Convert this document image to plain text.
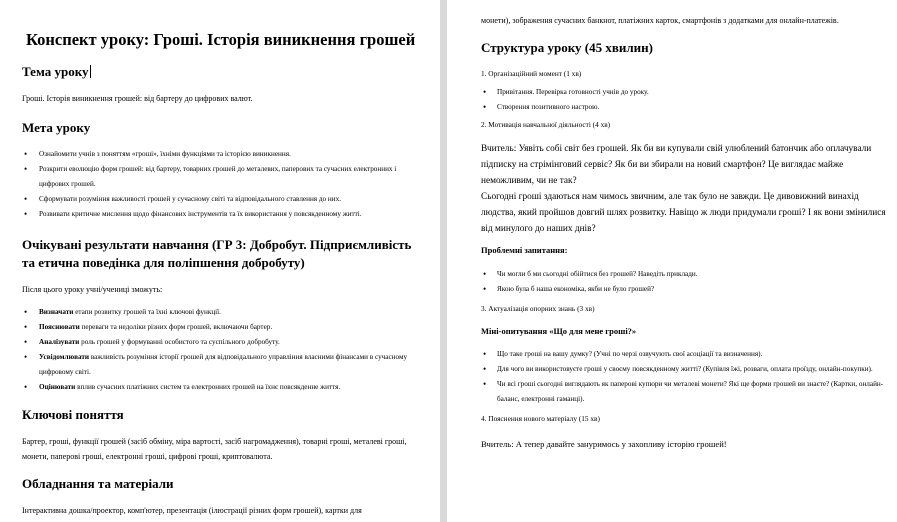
Конспект уроку: Гроші. Історія виникнення грошей
Тема уроку

Гроші. Історія виникнення грошей: від бартеру до цифрових валют.

Мета уроку
• Ознайомити учнів з поняттям «гроші», їхніми функціями та історією виникнення.
• Розкрити еволюцію форм грошей: від бартеру, товарних грошей до металевих, паперових та сучасних електронних і цифрових грошей.
• Сформувати розуміння важливості грошей у сучасному світі та відповідального ставлення до них.
• Розвивати критичне мислення щодо фінансових інструментів та їх використання у повсякденному житті.
Очікувані результати навчання (ГР 3: Добробут. Підприємливість та етична поведінка для поліпшення добробуту)

Після цього уроку учні/учениці зможуть:

• Визначати етапи розвитку грошей та їхні ключові функції.
• Пояснювати переваги та недоліки різних форм грошей, включаючи бартер.
• Аналізувати роль грошей у формуванні особистого та суспільного добробуту.
• Усвідомлювати важливість розуміння історії грошей для відповідального управління власними фінансами в сучасному цифровому світі.
• Оцінювати вплив сучасних платіжних систем та електронних грошей на їхнє повсякденне життя.
Ключові поняття

Бартер, гроші, функції грошей (засіб обміну, міра вартості, засіб нагромадження), товарні гроші, металеві гроші, монети, паперові гроші, електронні гроші, цифрові гроші, криптовалюта.

Обладнання та матеріали

Інтерактивна дошка/проектор, комп'ютер, презентація (ілюстрації різних форм грошей), картки для

монети), зображення сучасних банкнот, платіжних карток, смартфонів з додатками для онлайн-платежів.

Структура уроку (45 хвилин)

1. Організаційний момент (1 хв)

• Привітання. Перевірка готовності учнів до уроку.
• Створення позитивного настрою.

2. Мотивація навчальної діяльності (4 хв)

Вчитель: Уявіть собі світ без грошей. Як би ви купували свій улюблений батончик або оплачували підписку на стрімінговий сервіс? Як би ви збирали на новий смартфон? Це виглядає майже неможливим, чи не так?

Сьогодні гроші здаються нам чимось звичним, але так було не завжди. Це дивовижний винахід людства, який пройшов довгий шлях розвитку. Навіщо ж люди придумали гроші? І як вони змінилися від минулого до наших днів?

Проблемні запитання:

• Чи могли б ми сьогодні обійтися без грошей? Наведіть приклади.
• Якою була б наша економіка, якби не було грошей?

3. Актуалізація опорних знань (3 хв)

Міні-опитування «Що для мене гроші?»

• Що таке гроші на вашу думку? (Учні по черзі озвучують свої асоціації та визначення).
• Для чого ви використовуєте гроші у своєму повсякденному житті? (Купівля їжі, розваги, оплата проїзду, онлайн-покупки).
• Чи всі гроші сьогодні виглядають як паперові купюри чи металеві монети? Які ще форми грошей ви знаєте? (Картки, онлайн-баланс, електронні гаманці).

4. Пояснення нового матеріалу (15 хв)

Вчитель: А тепер давайте зануримось у захопливу історію грошей!
